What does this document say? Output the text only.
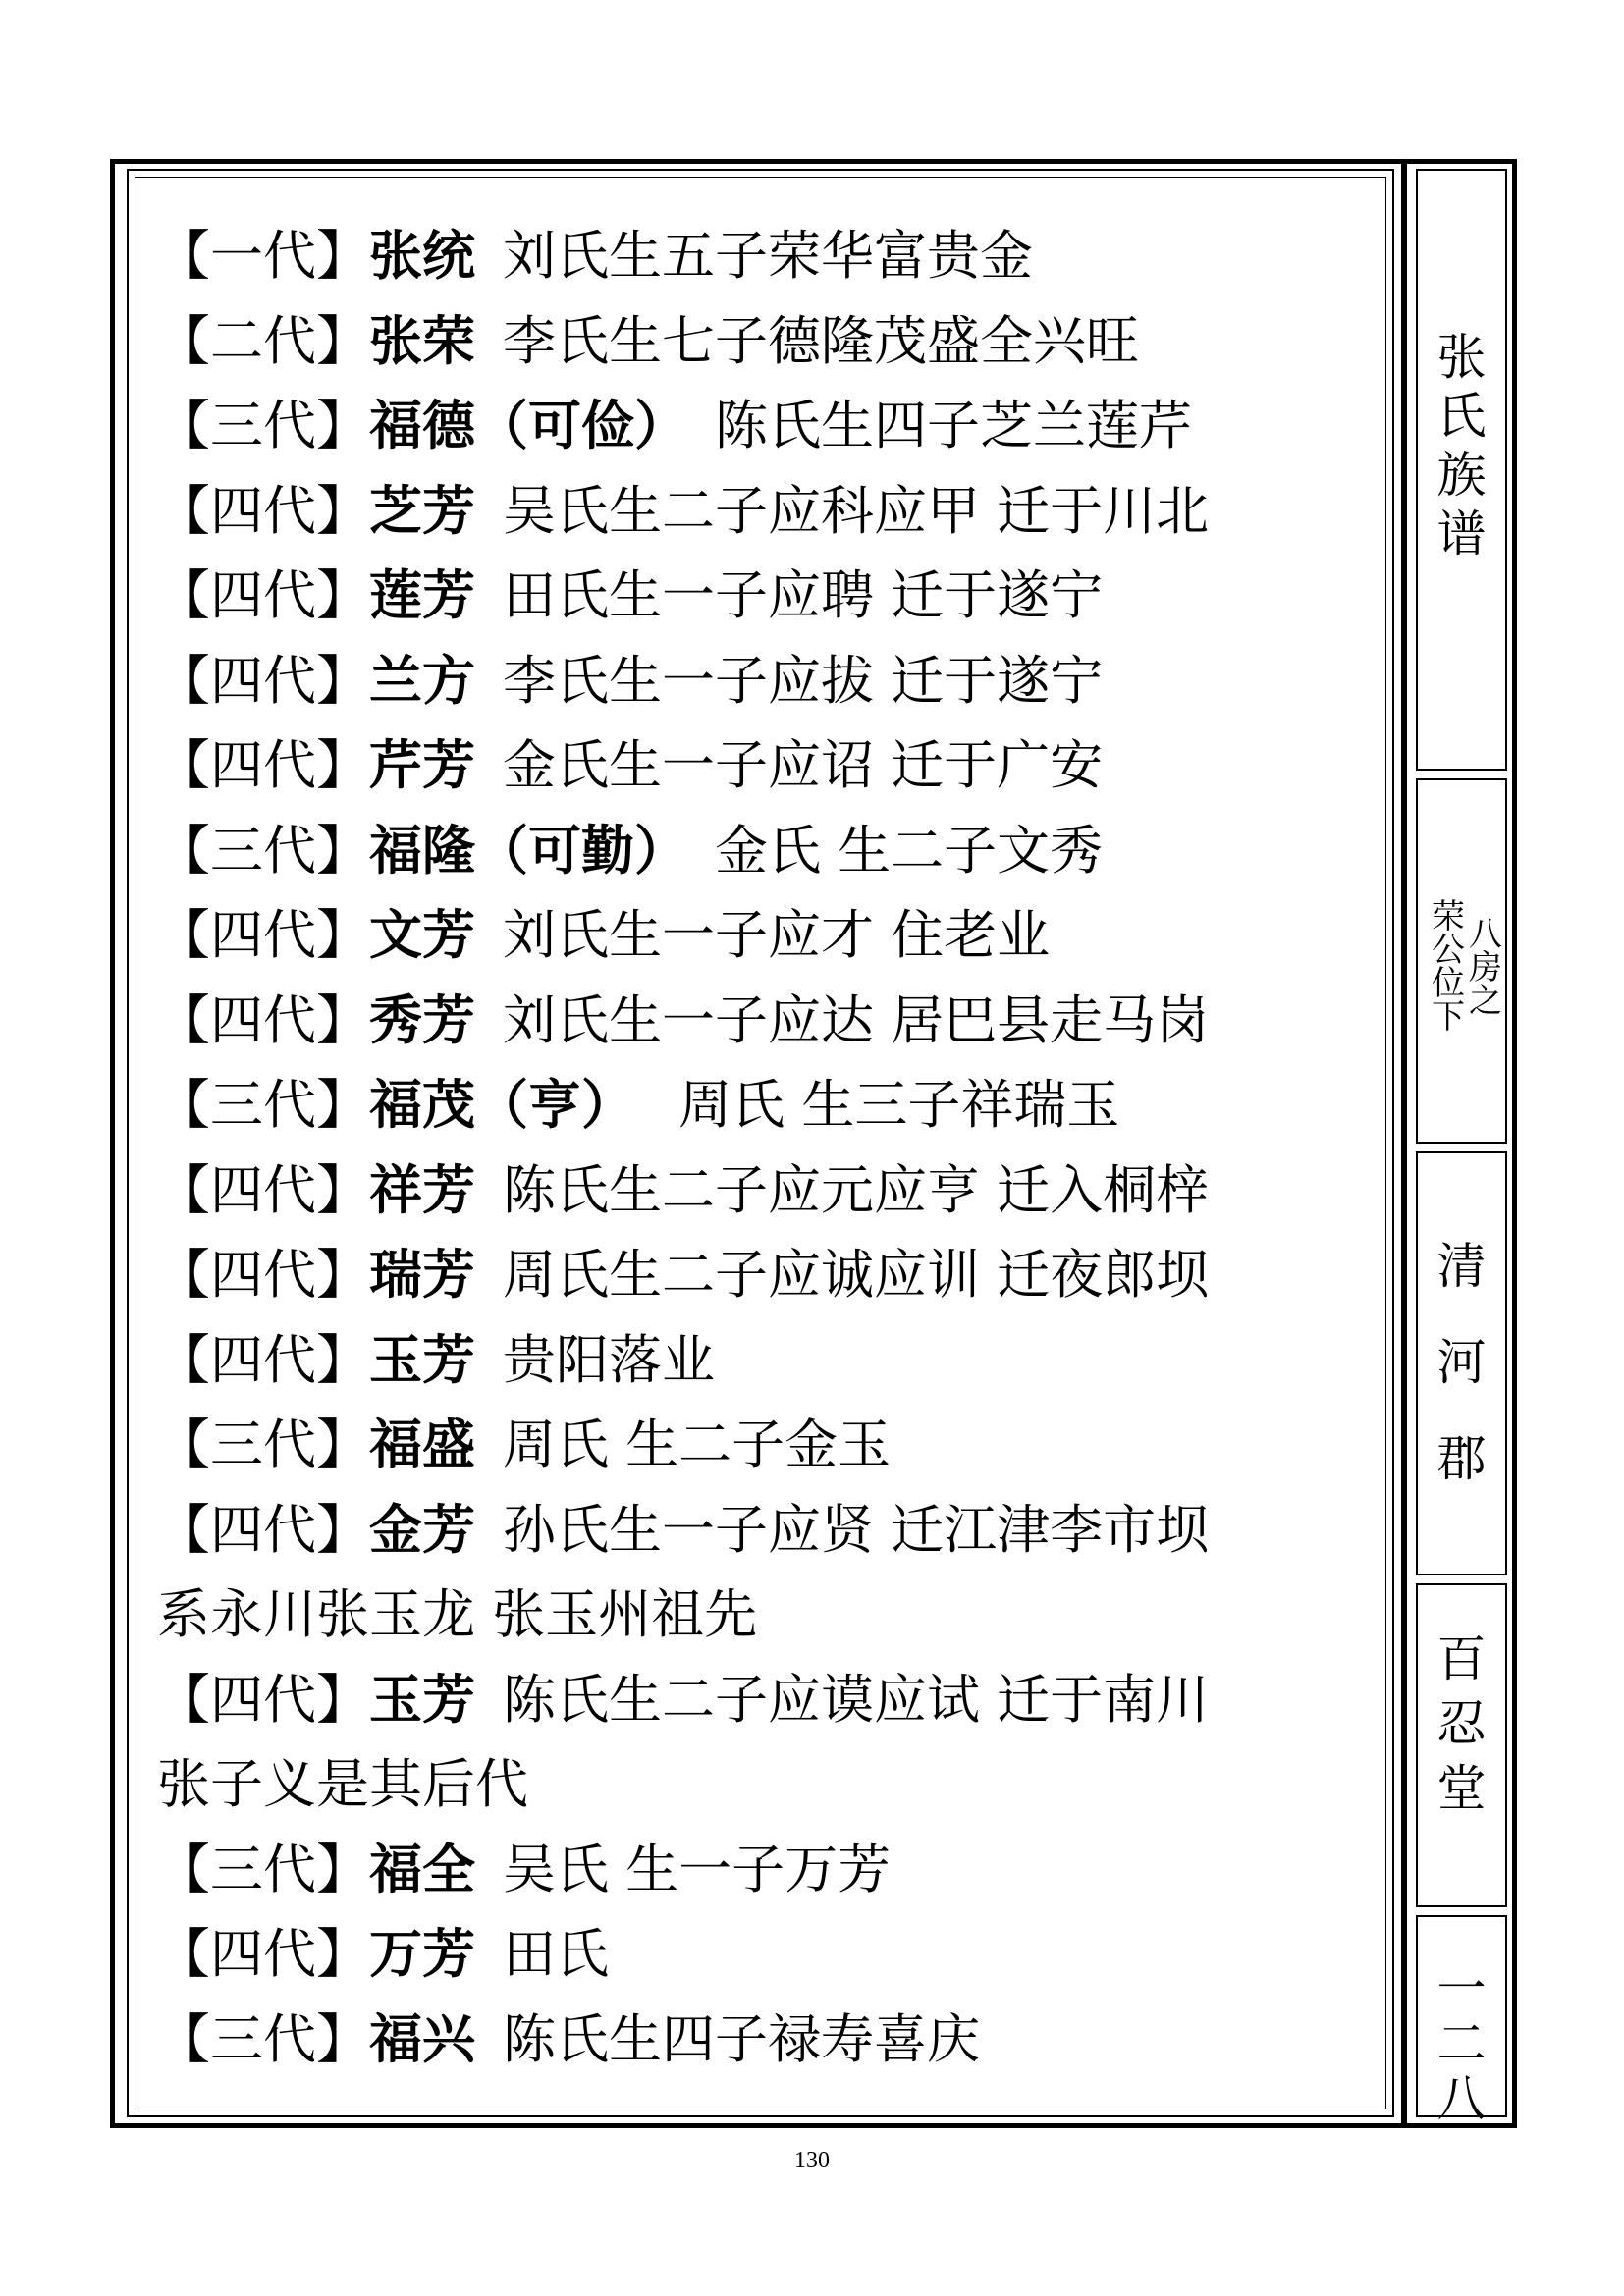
【一代】张统 刘氏生五子荣华富贵金
【二代】张荣 李氏生七子德隆茂盛全兴旺
【三代】福德（可俭） 陈氏生四子芝兰莲芹
【四代】芝芳 吴氏生二子应科应甲 迁于川北
【四代】莲芳 田氏生一子应聘 迁于遂宁
【四代】兰方 李氏生一子应拔 迁于遂宁
【四代】芹芳 金氏生一子应诏 迁于广安
【三代】福隆（可勤） 金氏 生二子文秀
【四代】文芳 刘氏生一子应才 住老业
【四代】秀芳 刘氏生一子应达 居巴县走马岗
【三代】福茂（亨） 周氏 生三子祥瑞玉
【四代】祥芳 陈氏生二子应元应亨 迁入桐梓
【四代】瑞芳 周氏生二子应诚应训 迁夜郎坝
【四代】玉芳 贵阳落业
【三代】福盛 周氏 生二子金玉
【四代】金芳 孙氏生一子应贤 迁江津李市坝
系永川张玉龙 张玉州祖先
【四代】玉芳 陈氏生二子应谟应试 迁于南川
张子义是其后代
【三代】福全 吴氏 生一子万芳
【四代】万芳 田氏
【三代】福兴 陈氏生四子禄寿喜庆
张
氏
族
谱
八
房
之
荣
公
位
下
清
河
郡
百
忍
堂
一
二
八
130
